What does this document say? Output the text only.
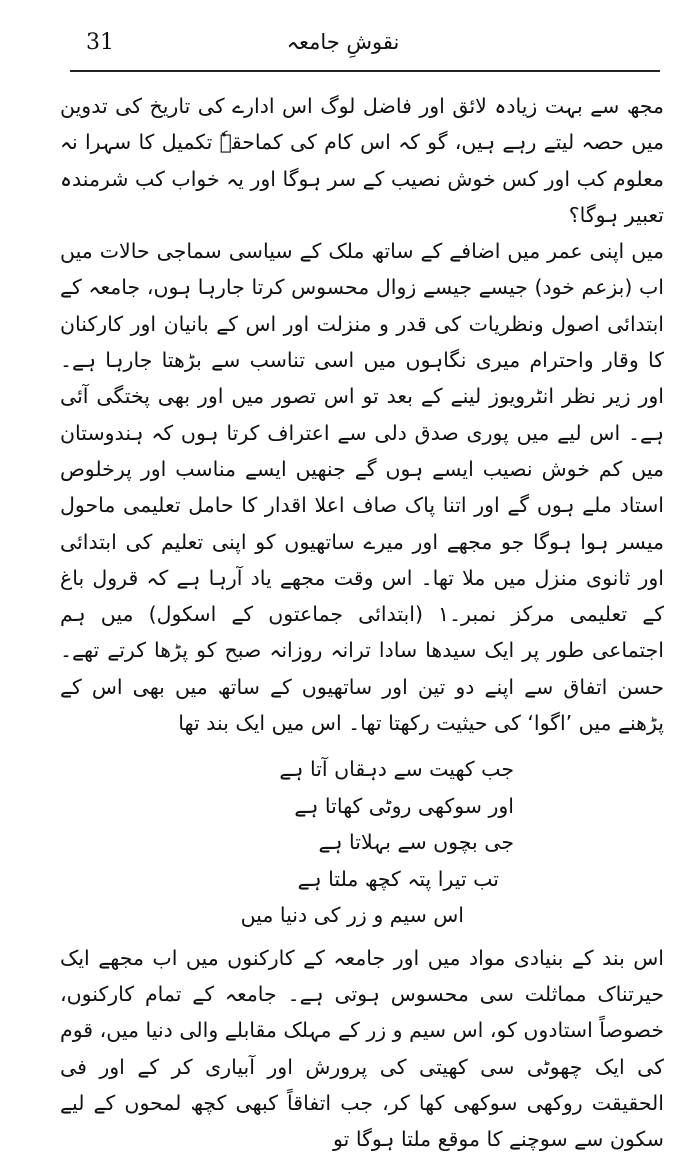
31	نقوشِ جامعہ

مجھ سے بہت زیادہ لائق اور فاضل لوگ اس ادارے کی تاریخ کی تدوین میں حصہ لیتے رہے ہیں، گو کہ اس کام کی کماحقہٗ تکمیل کا سہرا نہ معلوم کب اور کس خوش نصیب کے سر ہوگا اور یہ خواب کب شرمندہ تعبیر ہوگا؟

میں اپنی عمر میں اضافے کے ساتھ ملک کے سیاسی سماجی حالات میں اب (بزعم خود) جیسے جیسے زوال محسوس کرتا جارہا ہوں، جامعہ کے ابتدائی اصول ونظریات کی قدر و منزلت اور اس کے بانیان اور کارکنان کا وقار واحترام میری نگاہوں میں اسی تناسب سے بڑھتا جارہا ہے۔ اور زیر نظر انٹرویوز لینے کے بعد تو اس تصور میں اور بھی پختگی آئی ہے۔ اس لیے میں پوری صدق دلی سے اعتراف کرتا ہوں کہ ہندوستان میں کم خوش نصیب ایسے ہوں گے جنھیں ایسے مناسب اور پرخلوص استاد ملے ہوں گے اور اتنا پاک صاف اعلا اقدار کا حامل تعلیمی ماحول میسر ہوا ہوگا جو مجھے اور میرے ساتھیوں کو اپنی تعلیم کی ابتدائی اور ثانوی منزل میں ملا تھا۔ اس وقت مجھے یاد آرہا ہے کہ قرول باغ کے تعلیمی مرکز نمبر۔۱ (ابتدائی جماعتوں کے اسکول) میں ہم اجتماعی طور پر ایک سیدھا سادا ترانہ روزانہ صبح کو پڑھا کرتے تھے۔ حسن اتفاق سے اپنے دو تین اور ساتھیوں کے ساتھ میں بھی اس کے پڑھنے میں ’اگوا‘ کی حیثیت رکھتا تھا۔ اس میں ایک بند تھا

جب کھیت سے دہقاں آتا ہے
اور سوکھی روٹی کھاتا ہے
جی بچوں سے بہلاتا ہے
تب تیرا پتہ کچھ ملتا ہے
اس سیم و زر کی دنیا میں

اس بند کے بنیادی مواد میں اور جامعہ کے کارکنوں میں اب مجھے ایک حیرتناک مماثلت سی محسوس ہوتی ہے۔ جامعہ کے تمام کارکنوں، خصوصاً استادوں کو، اس سیم و زر کے مہلک مقابلے والی دنیا میں، قوم کی ایک چھوٹی سی کھیتی کی پرورش اور آبیاری کر کے اور فی الحقیقت روکھی سوکھی کھا کر، جب اتفاقاً کبھی کچھ لمحوں کے لیے سکون سے سوچنے کا موقع ملتا ہوگا تو
